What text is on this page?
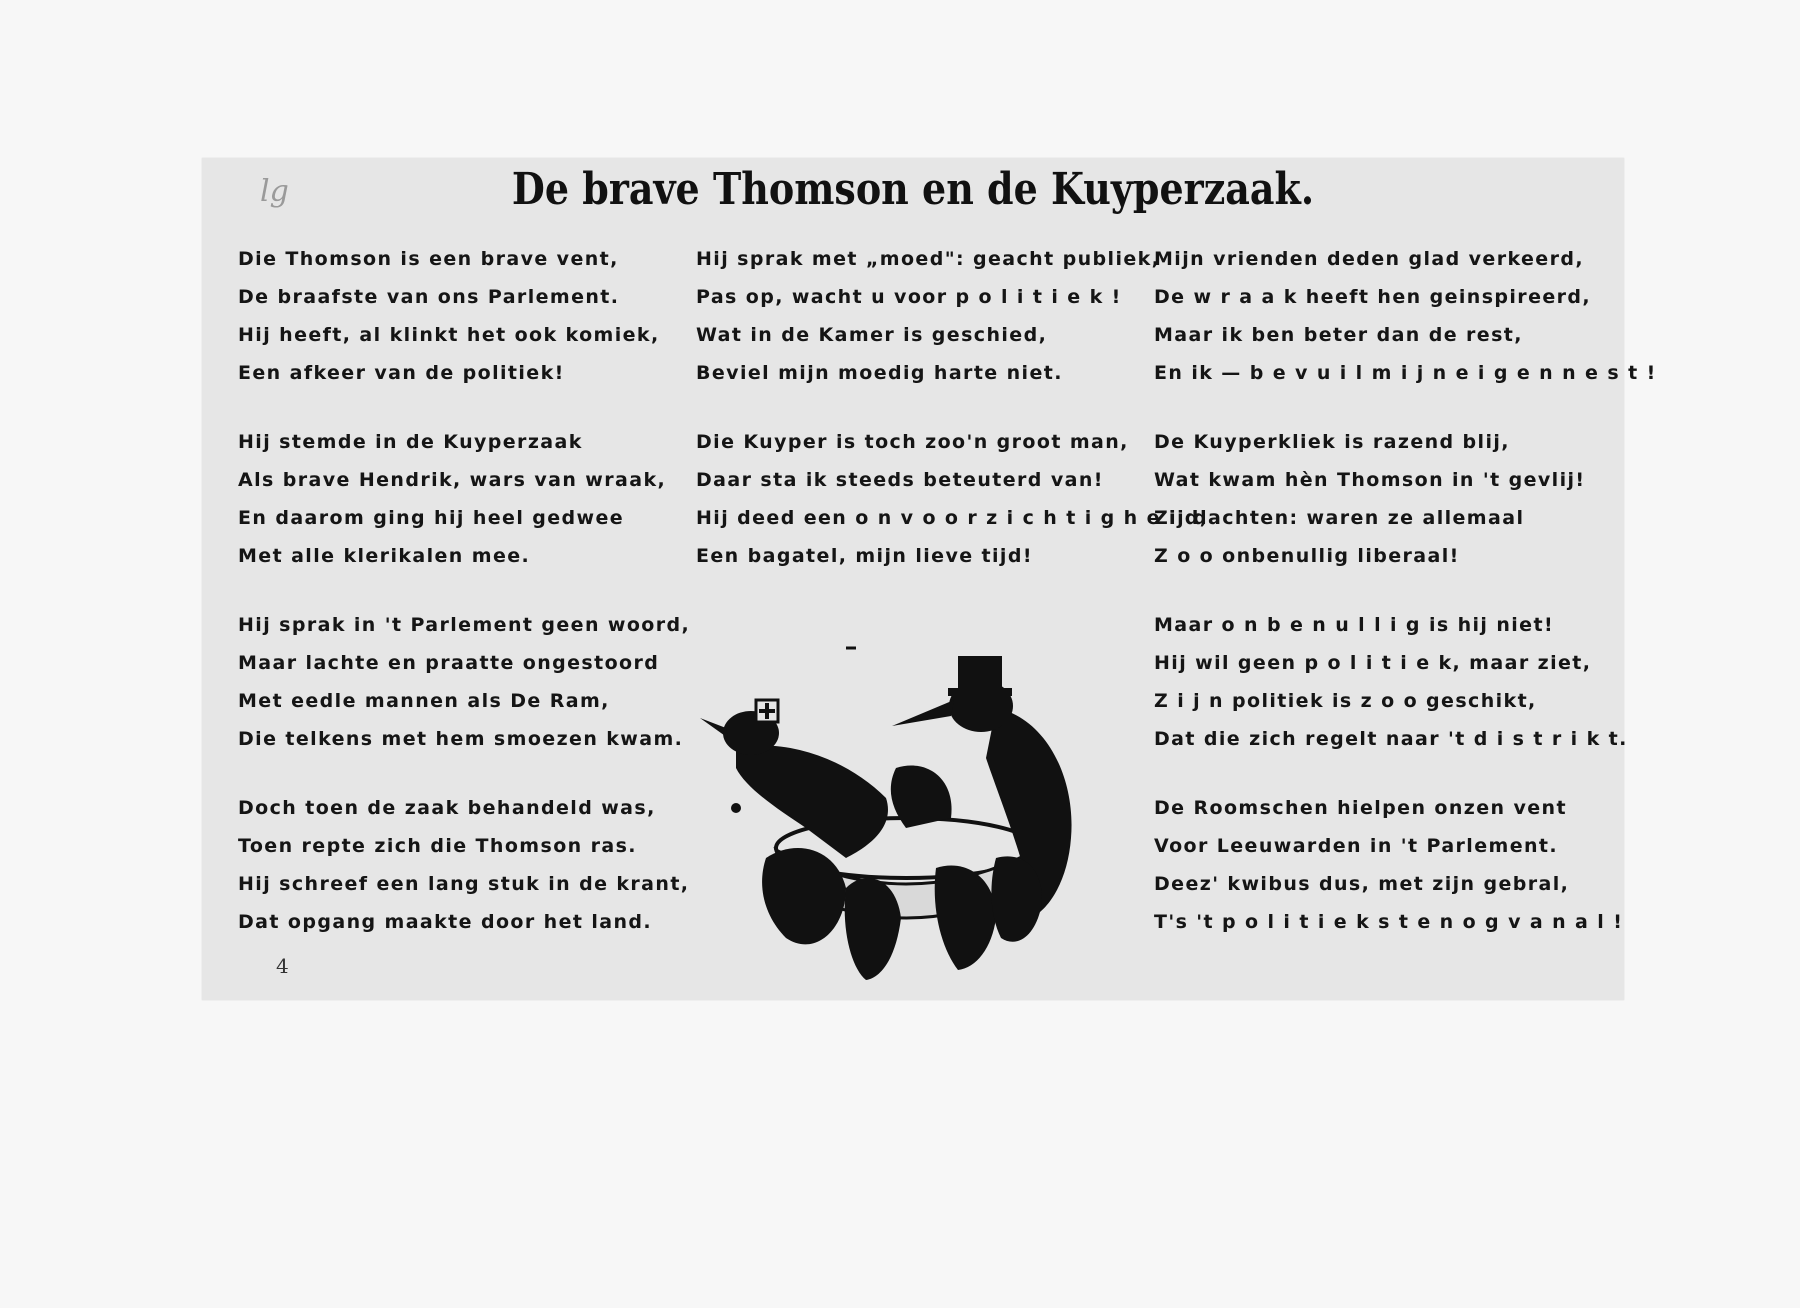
lg	De brave Thomson en de Kuyperzaak.
Die Thomson is een brave vent,
De braafste van ons Parlement.
Hij heeft, al klinkt het ook komiek,
Een afkeer van de politiek!
Hij stemde in de Kuyperzaak
Als brave Hendrik, wars van wraak,
En daarom ging hij heel gedwee
Met alle klerikalen mee.
Hij sprak in 't Parlement geen woord,
Maar lachte en praatte ongestoord
Met eedle mannen als De Ram,
Die telkens met hem smoezen kwam.
Doch toen de zaak behandeld was,
Toen repte zich die Thomson ras.
Hij schreef een lang stuk in de krant,
Dat opgang maakte door het land.
Hij sprak met „moed": geacht publiek,
Pas op, wacht u voor p o l i t i e k !
Wat in de Kamer is geschied,
Beviel mijn moedig harte niet.
Die Kuyper is toch zoo'n groot man,
Daar sta ik steeds beteuterd van!
Hij deed een o n v o o r z i c h t i g h e i d,
Een bagatel, mijn lieve tijd!
Mijn vrienden deden glad verkeerd,
De w r a a k heeft hen geinspireerd,
Maar ik ben beter dan de rest,
En ik — b e v u i l m i j n e i g e n n e s t !
De Kuyperkliek is razend blij,
Wat kwam hèn Thomson in 't gevlij!
Zij dachten: waren ze allemaal
Z o o onbenullig liberaal!
Maar o n b e n u l l i g is hij niet!
Hij wil geen p o l i t i e k, maar ziet,
Z i j n politiek is z o o geschikt,
Dat die zich regelt naar 't d i s t r i k t.
De Roomschen hielpen onzen vent
Voor Leeuwarden in 't Parlement.
Deez' kwibus dus, met zijn gebral,
T's 't p o l i t i e k s t e n o g v a n a l !
4
